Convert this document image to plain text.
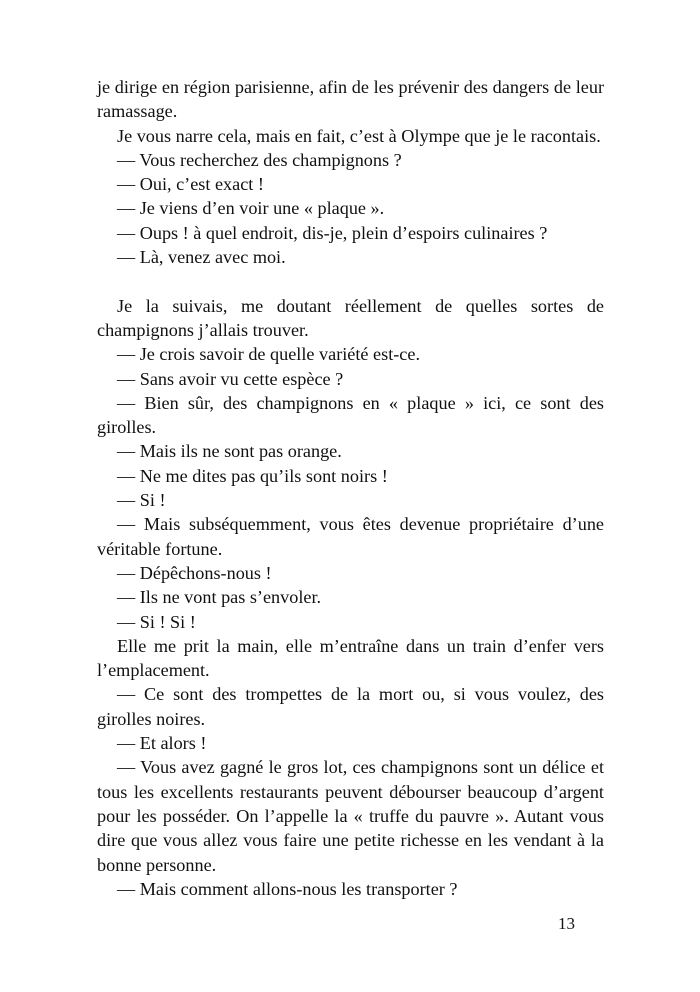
je dirige en région parisienne, afin de les prévenir des dangers de leur

ramassage.

Je vous narre cela, mais en fait, c’est à Olympe que je le racontais.

— Vous recherchez des champignons ?

— Oui, c’est exact !

— Je viens d’en voir une « plaque ».

— Oups ! à quel endroit, dis-je, plein d’espoirs culinaires ?

— Là, venez avec moi.

Je la suivais, me doutant réellement de quelles sortes de

champignons j’allais trouver.

— Je crois savoir de quelle variété est-ce.

— Sans avoir vu cette espèce ?

— Bien sûr, des champignons en « plaque » ici, ce sont des

girolles.

— Mais ils ne sont pas orange.

— Ne me dites pas qu’ils sont noirs !

— Si !

— Mais subséquemment, vous êtes devenue propriétaire d’une

véritable fortune.

— Dépêchons-nous !

— Ils ne vont pas s’envoler.

— Si ! Si !

Elle me prit la main, elle m’entraîne dans un train d’enfer vers

l’emplacement.

— Ce sont des trompettes de la mort ou, si vous voulez, des

girolles noires.

— Et alors !

— Vous avez gagné le gros lot, ces champignons sont un délice et

tous les excellents restaurants peuvent débourser beaucoup d’argent

pour les posséder. On l’appelle la « truffe du pauvre ». Autant vous

dire que vous allez vous faire une petite richesse en les vendant à la

bonne personne.

— Mais comment allons-nous les transporter ?

13
